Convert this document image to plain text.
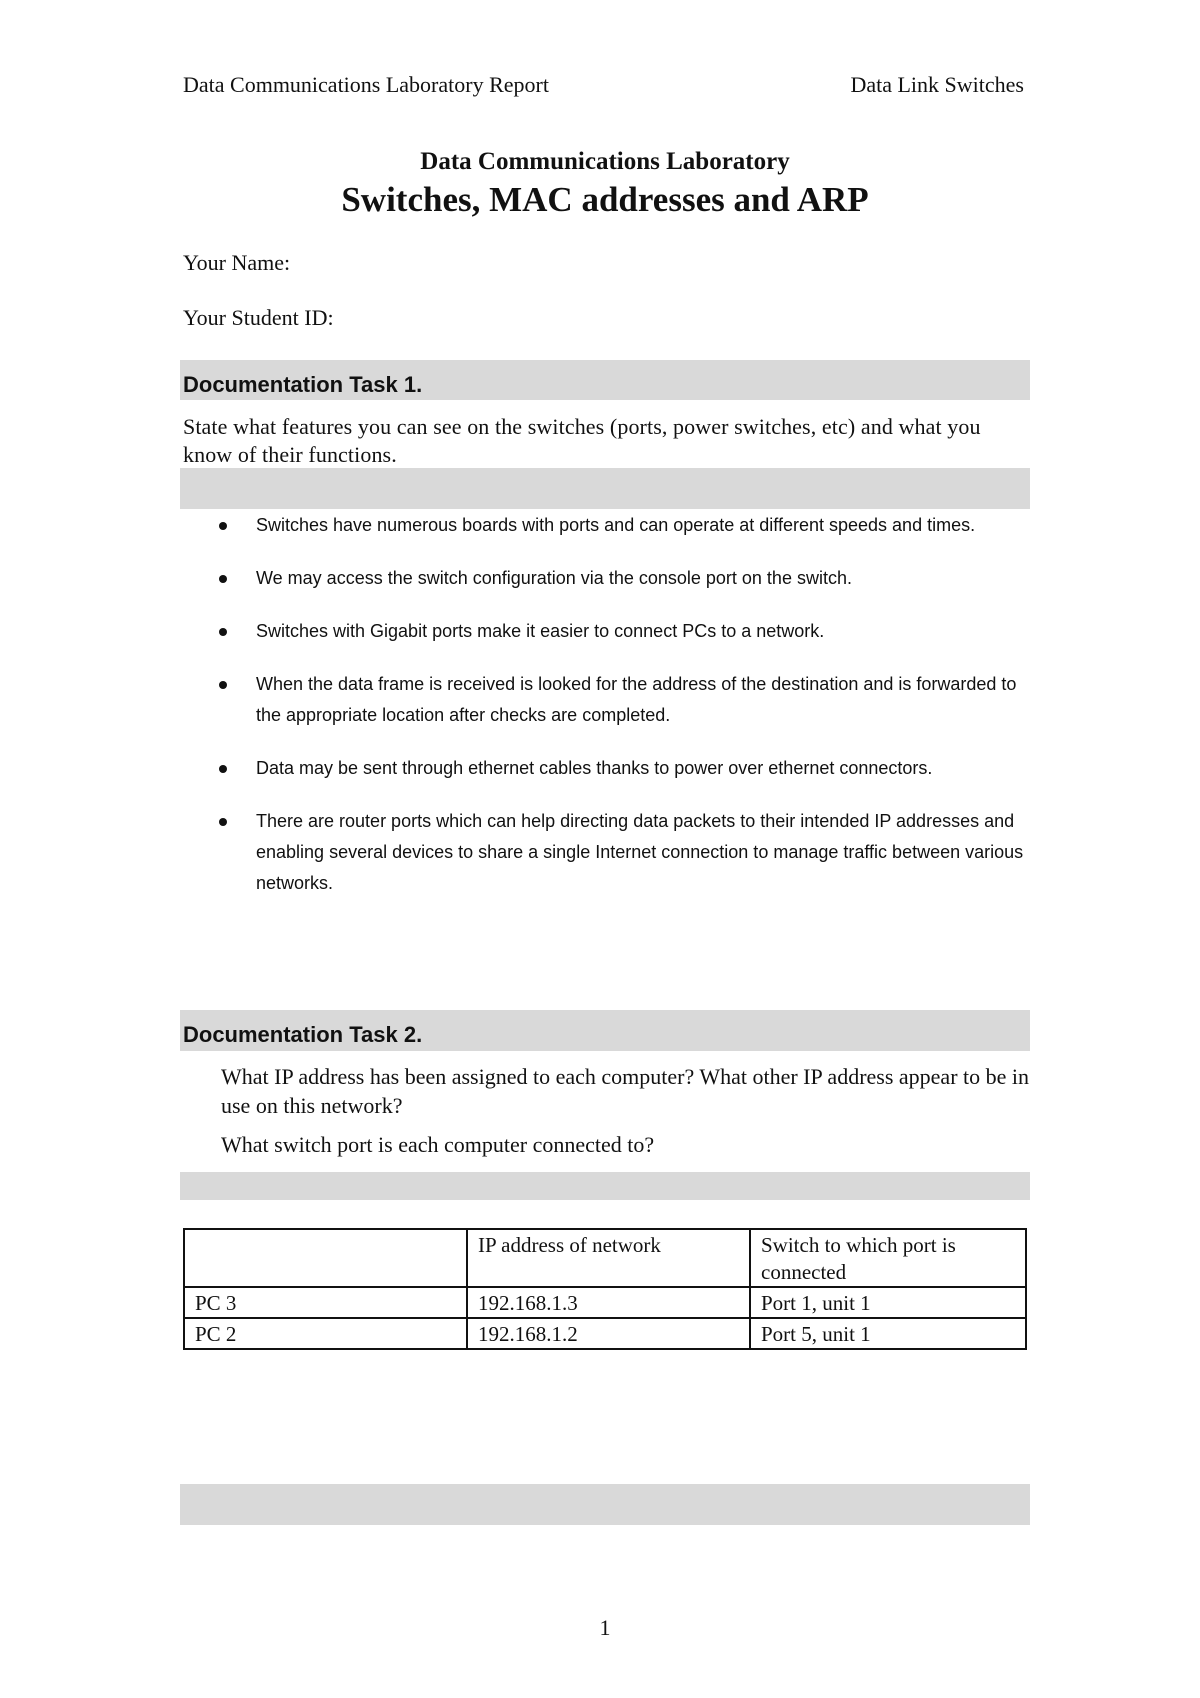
Data Communications Laboratory Report	Data Link Switches
Data Communications Laboratory
Switches, MAC addresses and ARP
Your Name:
Your Student ID:
Documentation Task 1.
State what features you can see on the switches (ports, power switches, etc) and what you know of their functions.
Switches have numerous boards with ports and can operate at different speeds and times.
We may access the switch configuration via the console port on the switch.
Switches with Gigabit ports make it easier to connect PCs to a network.
When the data frame is received is looked for the address of the destination and is forwarded to the appropriate location after checks are completed.
Data may be sent through ethernet cables thanks to power over ethernet connectors.
There are router ports which can help directing data packets to their intended IP addresses and enabling several devices to share a single Internet connection to manage traffic between various networks.
Documentation Task 2.

What IP address has been assigned to each computer? What other IP address appear to be in use on this network?

What switch port is each computer connected to?

	IP address of network	Switch to which port is connected
PC 3	192.168.1.3	Port 1, unit 1
PC 2	192.168.1.2	Port 5, unit 1
1
